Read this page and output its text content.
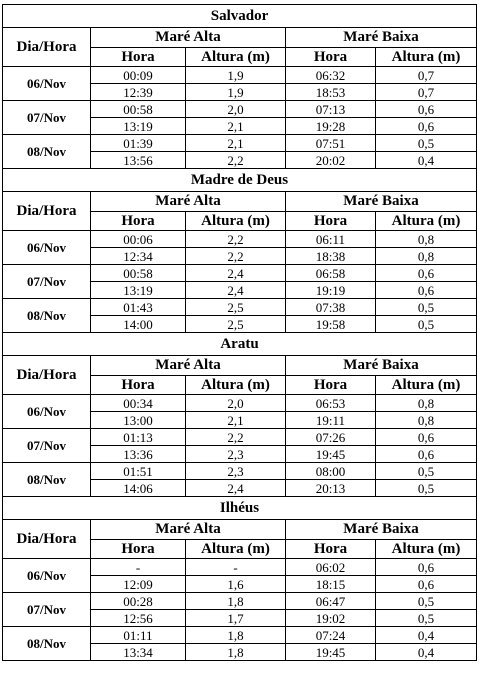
Salvador				
Dia/Hora	Maré Alta		Maré Baixa	
	Hora	Altura (m)	Hora	Altura (m)
06/Nov	00:09	1,9	06:32	0,7
	12:39	1,9	18:53	0,7
07/Nov	00:58	2,0	07:13	0,6
	13:19	2,1	19:28	0,6
08/Nov	01:39	2,1	07:51	0,5
	13:56	2,2	20:02	0,4
Madre de Deus				
Dia/Hora	Maré Alta		Maré Baixa	
	Hora	Altura (m)	Hora	Altura (m)
06/Nov	00:06	2,2	06:11	0,8
	12:34	2,2	18:38	0,8
07/Nov	00:58	2,4	06:58	0,6
	13:19	2,4	19:19	0,6
08/Nov	01:43	2,5	07:38	0,5
	14:00	2,5	19:58	0,5
Aratu				
Dia/Hora	Maré Alta		Maré Baixa	
	Hora	Altura (m)	Hora	Altura (m)
06/Nov	00:34	2,0	06:53	0,8
	13:00	2,1	19:11	0,8
07/Nov	01:13	2,2	07:26	0,6
	13:36	2,3	19:45	0,6
08/Nov	01:51	2,3	08:00	0,5
	14:06	2,4	20:13	0,5
Ilhéus				
Dia/Hora	Maré Alta		Maré Baixa	
	Hora	Altura (m)	Hora	Altura (m)
06/Nov	-	-	06:02	0,6
	12:09	1,6	18:15	0,6
07/Nov	00:28	1,8	06:47	0,5
	12:56	1,7	19:02	0,5
08/Nov	01:11	1,8	07:24	0,4
	13:34	1,8	19:45	0,4
